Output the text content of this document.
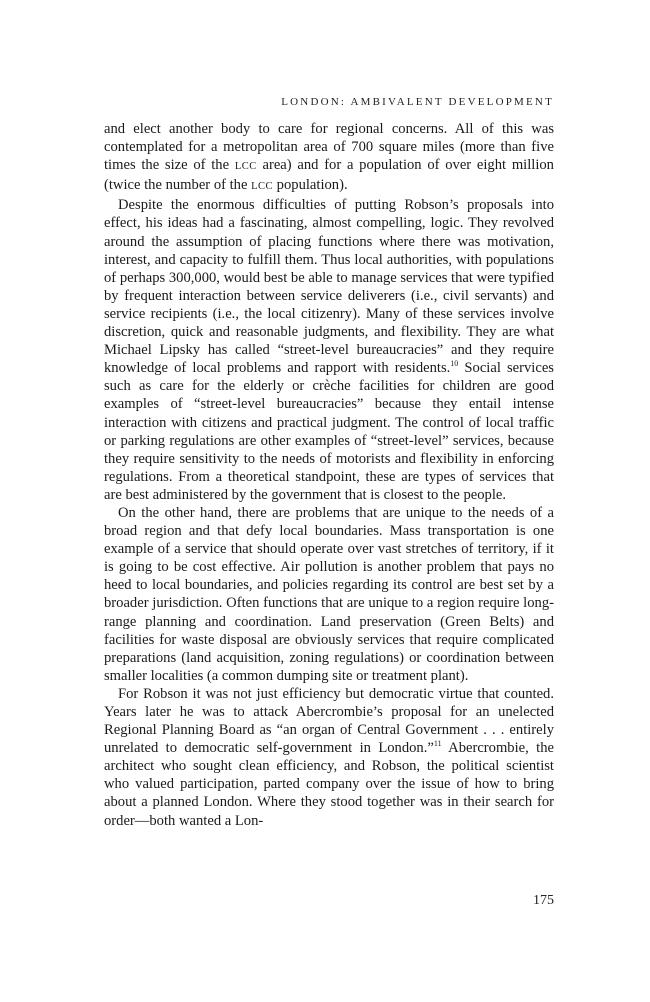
LONDON: AMBIVALENT DEVELOPMENT

and elect another body to care for regional concerns. All of this was contemplated for a metropolitan area of 700 square miles (more than five times the size of the LCC area) and for a population of over eight million (twice the number of the LCC population).

Despite the enormous difficulties of putting Robson’s proposals into effect, his ideas had a fascinating, almost compelling, logic. They revolved around the assumption of placing functions where there was motivation, interest, and capacity to fulfill them. Thus local authorities, with populations of perhaps 300,000, would best be able to manage services that were typified by frequent interaction between service deliverers (i.e., civil servants) and service recipients (i.e., the local citizenry). Many of these services involve discretion, quick and reasonable judgments, and flexibility. They are what Michael Lipsky has called “street-level bureaucracies” and they require knowledge of local problems and rapport with residents.$^{10}$ Social services such as care for the elderly or crèche facilities for children are good examples of “street-level bureaucracies” because they entail intense interaction with citizens and practical judgment. The control of local traffic or parking regulations are other examples of “street-level” services, because they require sensitivity to the needs of motorists and flexibility in enforcing regulations. From a theoretical standpoint, these are types of services that are best administered by the government that is closest to the people.

On the other hand, there are problems that are unique to the needs of a broad region and that defy local boundaries. Mass transportation is one example of a service that should operate over vast stretches of territory, if it is going to be cost effective. Air pollution is another problem that pays no heed to local boundaries, and policies regarding its control are best set by a broader jurisdiction. Often functions that are unique to a region require long-range planning and coordination. Land preservation (Green Belts) and facilities for waste disposal are obviously services that require complicated preparations (land acquisition, zoning regulations) or coordination between smaller localities (a common dumping site or treatment plant).

For Robson it was not just efficiency but democratic virtue that counted. Years later he was to attack Abercrombie’s proposal for an unelected Regional Planning Board as “an organ of Central Government . . . entirely unrelated to democratic self-government in London.”$^{11}$ Abercrombie, the architect who sought clean efficiency, and Robson, the political scientist who valued participation, parted company over the issue of how to bring about a planned London. Where they stood together was in their search for order—both wanted a Lon-

175
